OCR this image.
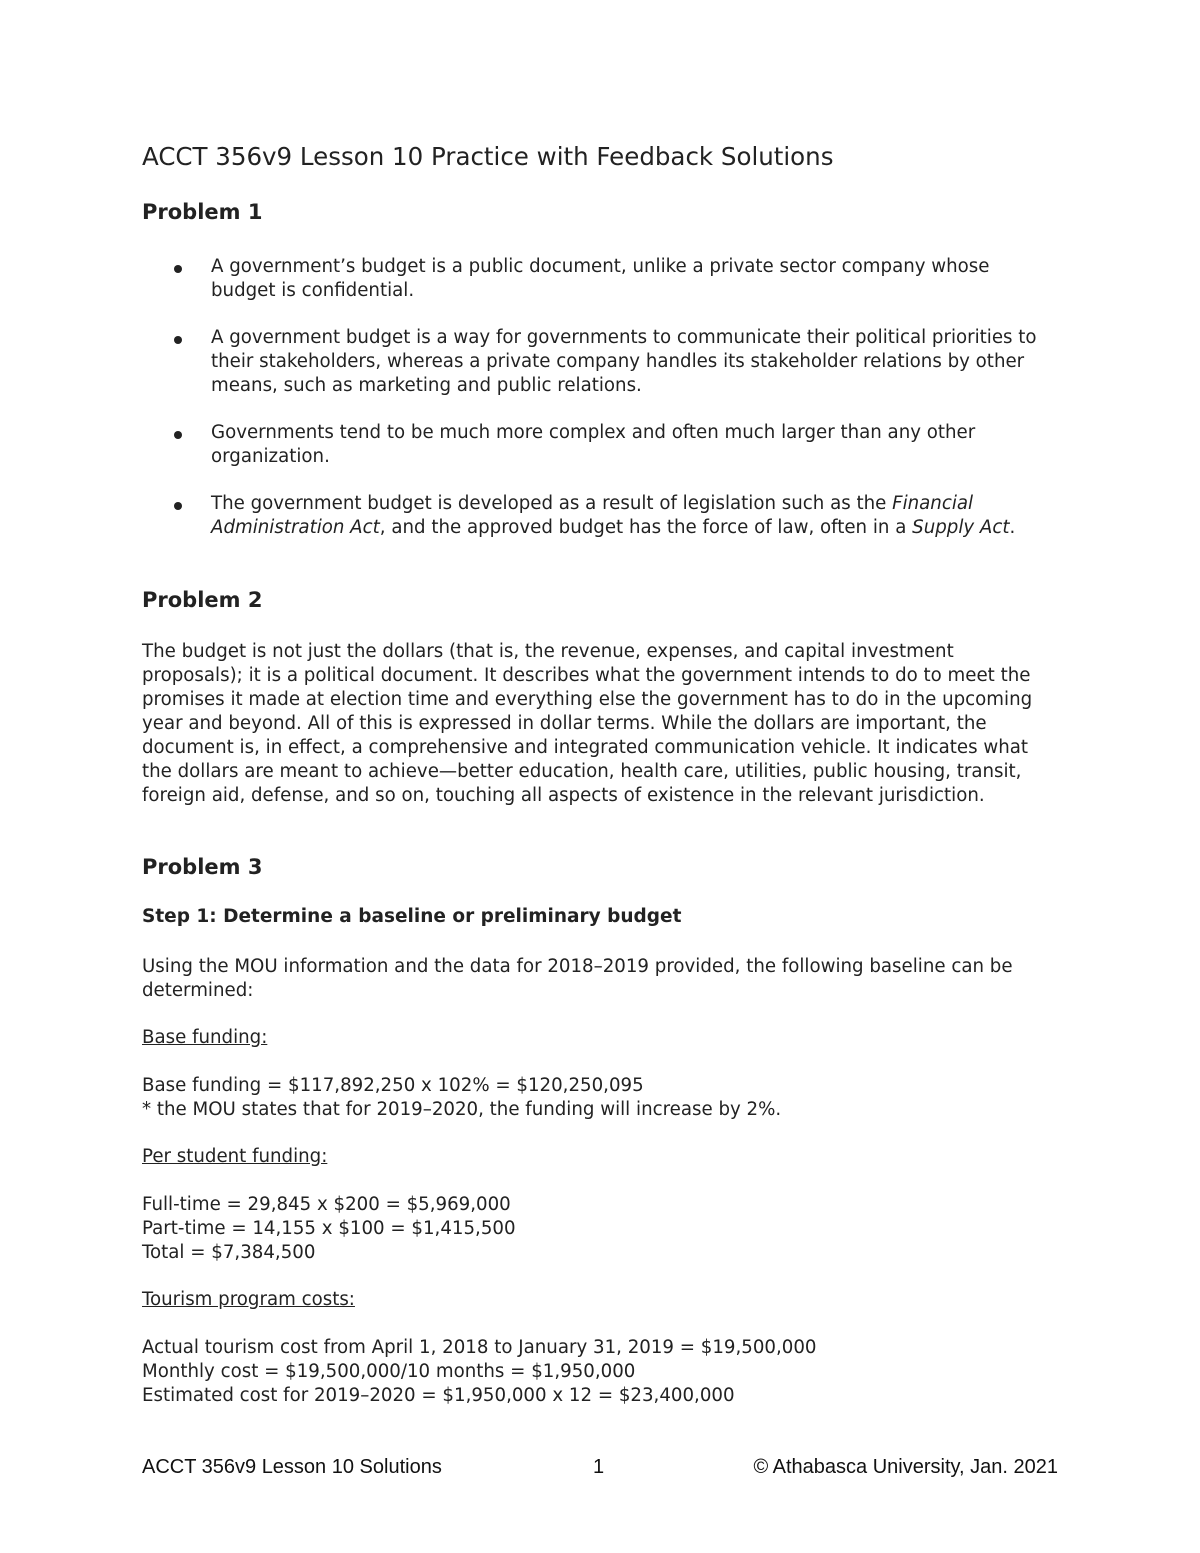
ACCT 356v9 Lesson 10 Practice with Feedback Solutions
Problem 1
A government’s budget is a public document, unlike a private sector company whose budget is confidential.
A government budget is a way for governments to communicate their political priorities to their stakeholders, whereas a private company handles its stakeholder relations by other means, such as marketing and public relations.
Governments tend to be much more complex and often much larger than any other organization.
The government budget is developed as a result of legislation such as the Financial Administration Act, and the approved budget has the force of law, often in a Supply Act.
Problem 2

The budget is not just the dollars (that is, the revenue, expenses, and capital investment proposals); it is a political document. It describes what the government intends to do to meet the promises it made at election time and everything else the government has to do in the upcoming year and beyond. All of this is expressed in dollar terms. While the dollars are important, the document is, in effect, a comprehensive and integrated communication vehicle. It indicates what the dollars are meant to achieve—better education, health care, utilities, public housing, transit, foreign aid, defense, and so on, touching all aspects of existence in the relevant jurisdiction.

Problem 3
Step 1: Determine a baseline or preliminary budget

Using the MOU information and the data for 2018–2019 provided, the following baseline can be determined:

Base funding:

Base funding = $117,892,250 x 102% = $120,250,095
* the MOU states that for 2019–2020, the funding will increase by 2%.
Per student funding:

Full-time = 29,845 x $200 = $5,969,000
Part-time = 14,155 x $100 = $1,415,500
Total = $7,384,500
Tourism program costs:

Actual tourism cost from April 1, 2018 to January 31, 2019 = $19,500,000
Monthly cost = $19,500,000/10 months = $1,950,000
Estimated cost for 2019–2020 = $1,950,000 x 12 = $23,400,000
ACCT 356v9 Lesson 10 Solutions	1	© Athabasca University, Jan. 2021
